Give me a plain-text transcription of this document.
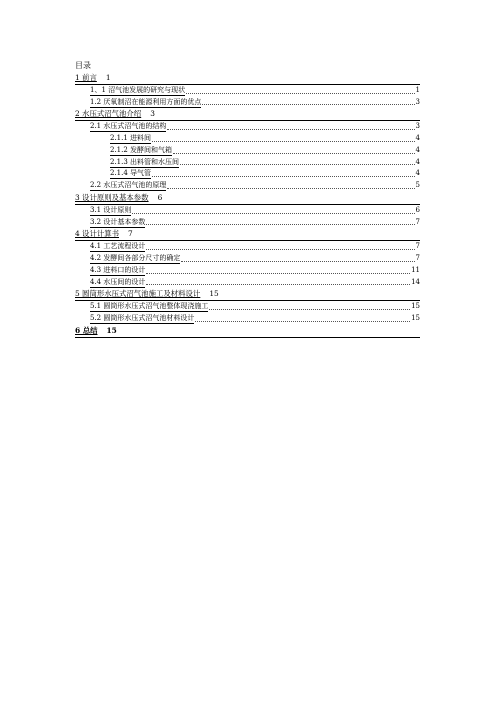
目录
1 前言 1
1、1 沼气池发展的研究与现状	1
1.2 厌氧制沼在能源利用方面的优点	3
2 水压式沼气池介绍 3
2.1 水压式沼气池的结构	3
2.1.1 进料间	4
2.1.2 发酵间和气箱	4
2.1.3 出料管和水压间	4
2.1.4 导气管	4
2.2 水压式沼气池的原理	5
3 设计原则及基本参数 6
3.1 设计原则	6
3.2 设计基本参数	7
4 设计计算书 7
4.1 工艺流程设计	7
4.2 发酵间各部分尺寸的确定	7
4.3 进料口的设计	11
4.4 水压间的设计	14
5 圆筒形水压式沼气池施工及材料设计 15
5.1 圆筒形水压式沼气池整体现浇施工	15
5.2 圆筒形水压式沼气池材料设计	15
6 总结 15
